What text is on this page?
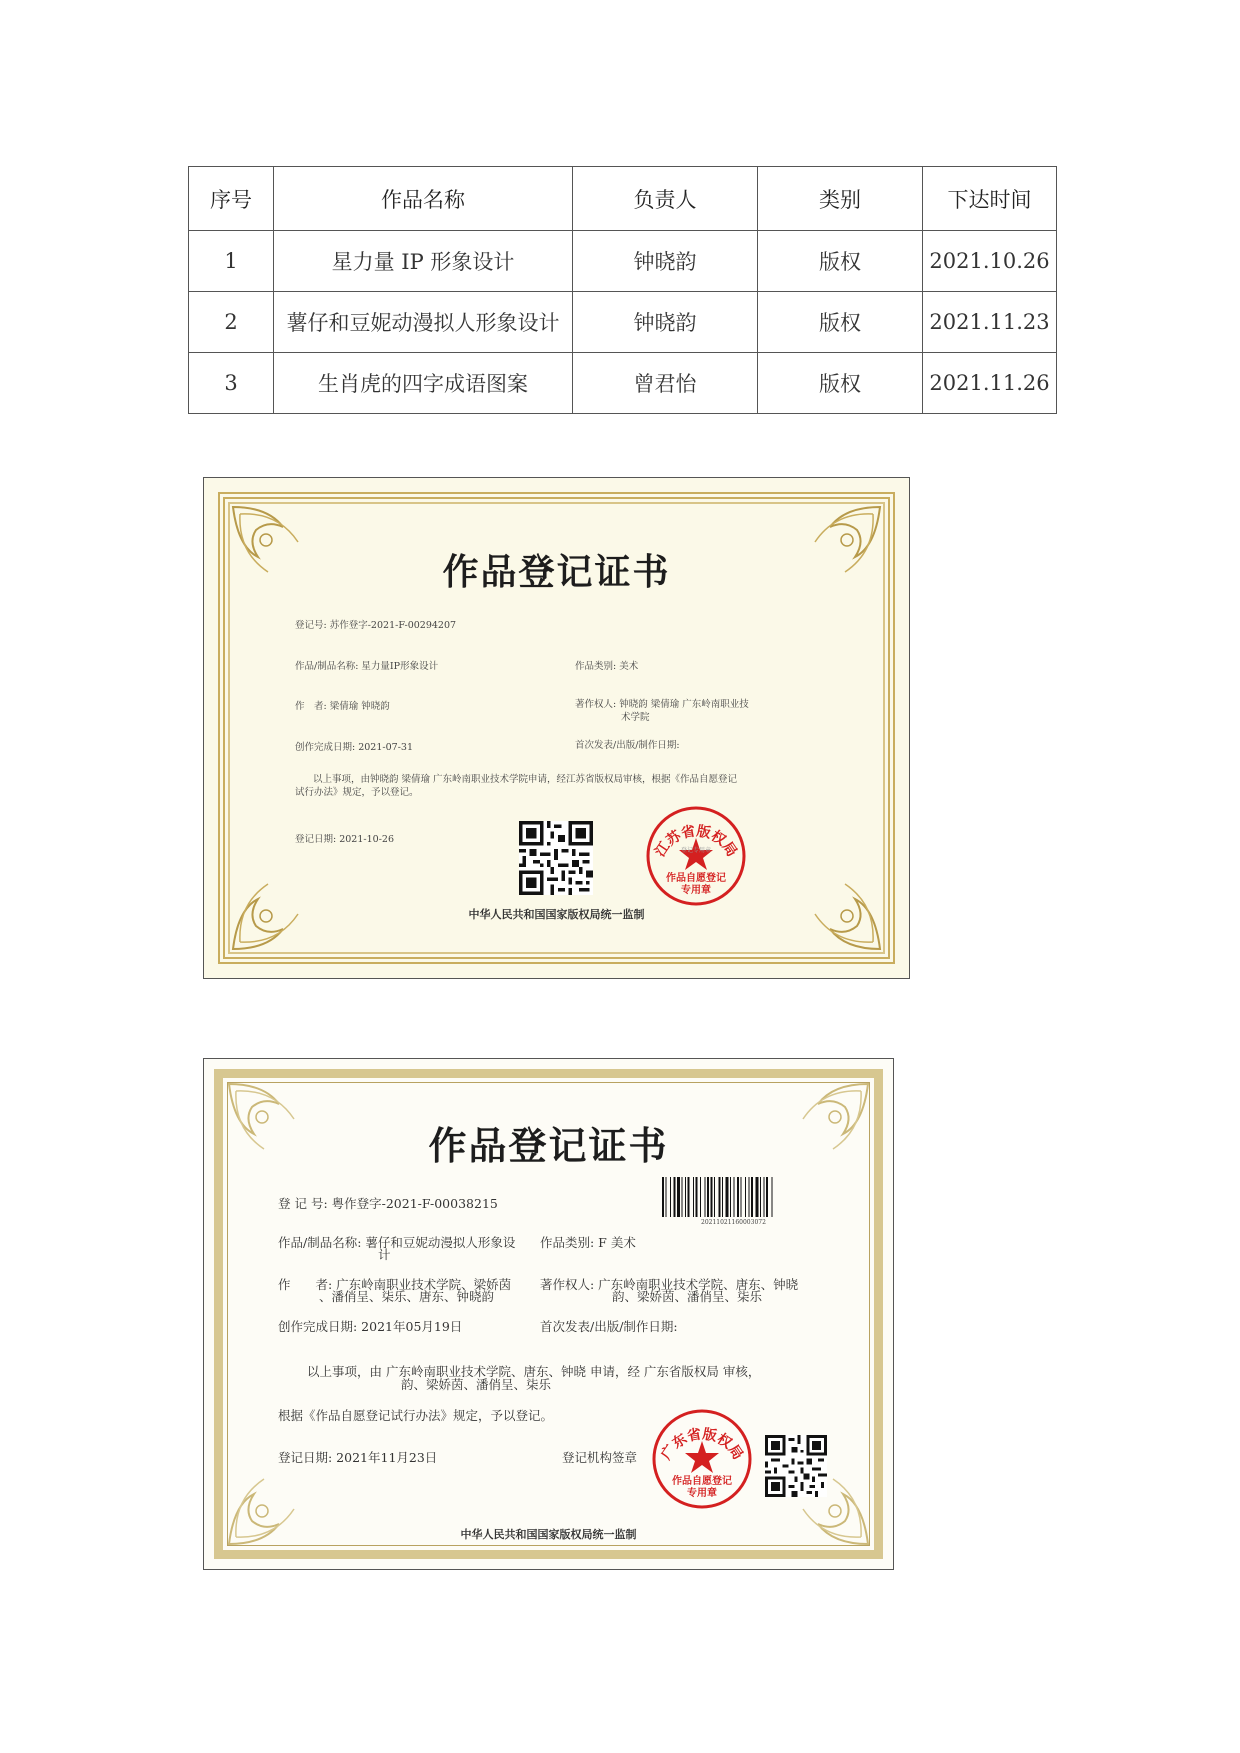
序号	作品名称	负责人	类别	下达时间
1	星力量 IP 形象设计	钟晓韵	版权	2021.10.26
2	薯仔和豆妮动漫拟人形象设计	钟晓韵	版权	2021.11.23
3	生肖虎的四字成语图案	曾君怡	版权	2021.11.26
作品登记证书
登记号: 苏作登字-2021-F-00294207
作品/制品名称: 星力量IP形象设计	作品类别: 美术
作　者: 梁倩瑜 钟晓韵	著作权人: 钟晓韵 梁倩瑜 广东岭南职业技
术学院
创作完成日期: 2021-07-31	首次发表/出版/制作日期:
以上事项，由钟晓韵 梁倩瑜 广东岭南职业技术学院申请，经江苏省版权局审核，根据《作品自愿登记
试行办法》规定，予以登记。
登记日期: 2021-10-26	江苏省版权局
登记专用章
作品自愿登记
专用章
中华人民共和国国家版权局统一监制
作品登记证书
20211021160003072
登 记 号: 粤作登字-2021-F-00038215
作品/制品名称: 薯仔和豆妮动漫拟人形象设
计
作品类别: F 美术
作　　者: 广东岭南职业技术学院、梁娇茵
、潘俏呈、柒乐、唐东、钟晓韵
著作权人: 广东岭南职业技术学院、唐东、钟晓
韵、梁娇茵、潘俏呈、柒乐
创作完成日期: 2021年05月19日	首次发表/出版/制作日期:
以上事项，由 广东岭南职业技术学院、唐东、钟晓 申请，经 广东省版权局 审核，
韵、梁娇茵、潘俏呈、柒乐
根据《作品自愿登记试行办法》规定，予以登记。
登记日期: 2021年11月23日	登记机构签章 广东省版权局
作品自愿登记
专用章
中华人民共和国国家版权局统一监制
